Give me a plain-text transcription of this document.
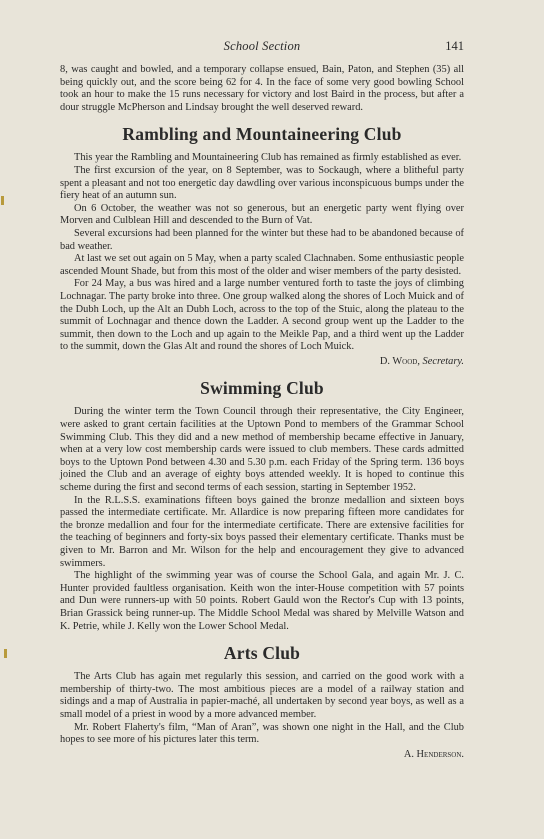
School Section	141

8, was caught and bowled, and a temporary collapse ensued, Bain, Paton, and Stephen (35) all being quickly out, and the score being 62 for 4. In the face of some very good bowling School took an hour to make the 15 runs necessary for victory and lost Baird in the process, but after a dour struggle McPherson and Lindsay brought the well deserved reward.

Rambling and Mountaineering Club

This year the Rambling and Mountaineering Club has remained as firmly established as ever.

The first excursion of the year, on 8 September, was to Sockaugh, where a blitheful party spent a pleasant and not too energetic day dawdling over various inconspicuous bumps under the fiery heat of an autumn sun.

On 6 October, the weather was not so generous, but an energetic party went flying over Morven and Culblean Hill and descended to the Burn of Vat.

Several excursions had been planned for the winter but these had to be abandoned because of bad weather.

At last we set out again on 5 May, when a party scaled Clachnaben. Some enthusiastic people ascended Mount Shade, but from this most of the older and wiser members of the party desisted.

For 24 May, a bus was hired and a large number ventured forth to taste the joys of climbing Lochnagar. The party broke into three. One group walked along the shores of Loch Muick and of the Dubh Loch, up the Alt an Dubh Loch, across to the top of the Stuic, along the plateau to the summit of Lochnagar and thence down the Ladder. A second group went up the Ladder to the summit, then down to the Loch and up again to the Meikle Pap, and a third went up the Ladder to the summit, down the Glas Alt and round the shores of Loch Muick.

D. Wood, Secretary.
Swimming Club

During the winter term the Town Council through their representative, the City Engineer, were asked to grant certain facilities at the Uptown Pond to members of the Grammar School Swimming Club. This they did and a new method of membership became effective in January, when at a very low cost membership cards were issued to club members. These cards admitted boys to the Uptown Pond between 4.30 and 5.30 p.m. each Friday of the Spring term. 136 boys joined the Club and an average of eighty boys attended weekly. It is hoped to continue this scheme during the first and second terms of each session, starting in September 1952.

In the R.L.S.S. examinations fifteen boys gained the bronze medallion and sixteen boys passed the intermediate certificate. Mr. Allardice is now preparing fifteen more candidates for the bronze medallion and four for the intermediate certificate. There are extensive facilities for the teaching of beginners and forty-six boys passed their elementary certificate. Thanks must be given to Mr. Barron and Mr. Wilson for the help and encouragement they give to advanced swimmers.

The highlight of the swimming year was of course the School Gala, and again Mr. J. C. Hunter provided faultless organisation. Keith won the inter-House competition with 57 points and Dun were runners-up with 50 points. Robert Gauld won the Rector's Cup with 13 points, Brian Grassick being runner-up. The Middle School Medal was shared by Melville Watson and K. Petrie, while J. Kelly won the Lower School Medal.

Arts Club

The Arts Club has again met regularly this session, and carried on the good work with a membership of thirty-two. The most ambitious pieces are a model of a railway station and sidings and a map of Australia in papier-maché, all undertaken by second year boys, as well as a small model of a priest in wood by a more advanced member.

Mr. Robert Flaherty's film, “Man of Aran”, was shown one night in the Hall, and the Club hopes to see more of his pictures later this term.

A. Henderson.
